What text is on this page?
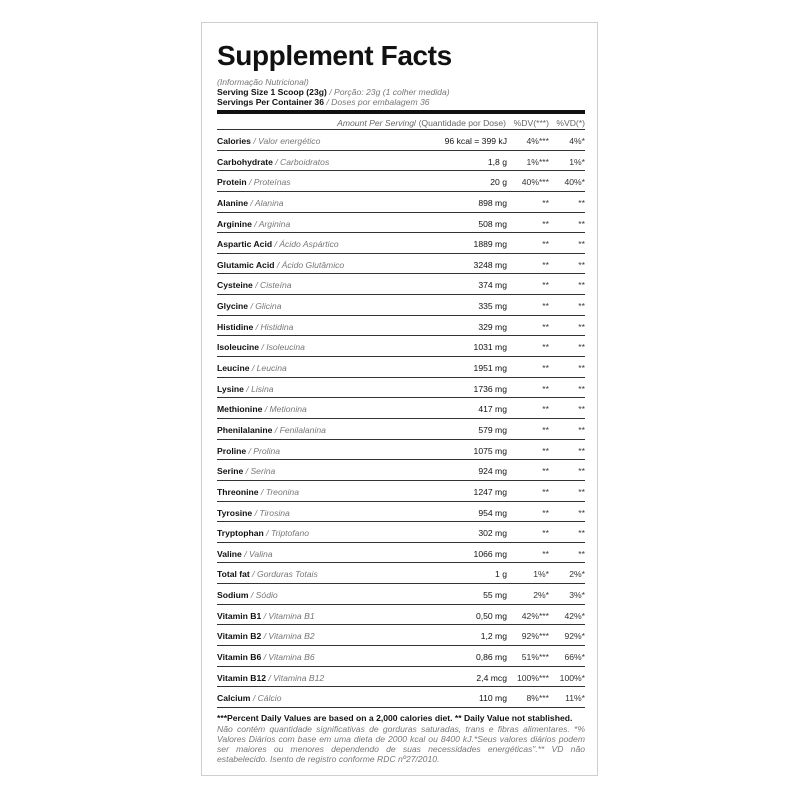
Supplement Facts
(Informação Nutricional)
Serving Size 1 Scoop (23g) / Porção: 23g (1 colher medida)
Servings Per Container 36 / Doses por embalagem 36
Amount Per Serving / (Quantidade por Dose) %DV(***) %VD(*)
Calories / Valor energético	96 kcal = 399 kJ 4%*** 4%*
Carbohydrate / Carboidratos	1,8 g 1%*** 1%*
Protein / Proteínas	20 g 40%*** 40%*
Alanine / Alanina	898 mg	**	**
Arginine / Arginina	508 mg	**	**
Aspartic Acid / Ácido Aspártico	1889 mg	**	**
Glutamic Acid / Ácido Glutâmico	3248 mg	**	**
Cysteine / Cisteína	374 mg	**	**
Glycine / Glicina	335 mg	**	**
Histidine / Histidina	329 mg	**	**
Isoleucine / Isoleucina	1031 mg	**	**
Leucine / Leucina	1951 mg	**	**
Lysine / Lisina	1736 mg	**	**
Methionine / Metionina	417 mg	**	**
Phenilalanine / Fenilalanina	579 mg	**	**
Proline / Prolina	1075 mg	**	**
Serine / Serina	924 mg	**	**
Threonine / Treonina	1247 mg	**	**
Tyrosine / Tirosina	954 mg	**	**
Tryptophan / Triptofano	302 mg	**	**
Valine / Valina	1066 mg	**	**
Total fat / Gorduras Totais	1 g	1%* 2%*
Sodium / Sódio	55 mg	2%* 3%*
Vitamin B1 / Vitamina B1	0,50 mg 42%*** 42%*
Vitamin B2 / Vitamina B2	1,2 mg 92%*** 92%*
Vitamin B6 / Vitamina B6	0,86 mg 51%*** 66%*
Vitamin B12 / Vitamina B12	2,4 mcg 100%*** 100%*
Calcium / Cálcio	110 mg 8%*** 11%*
***Percent Daily Values are based on a 2,000 calories diet. ** Daily Value not stablished.
Não contém quantidade significativas de gorduras saturadas, trans e fibras alimentares. *% Valores Diários com base em uma dieta de 2000 kcal ou 8400 kJ.*Seus valores diários podem ser maiores ou menores dependendo de suas necessidades energéticas".** VD não estabelecido. Isento de registro conforme RDC nº27/2010.
